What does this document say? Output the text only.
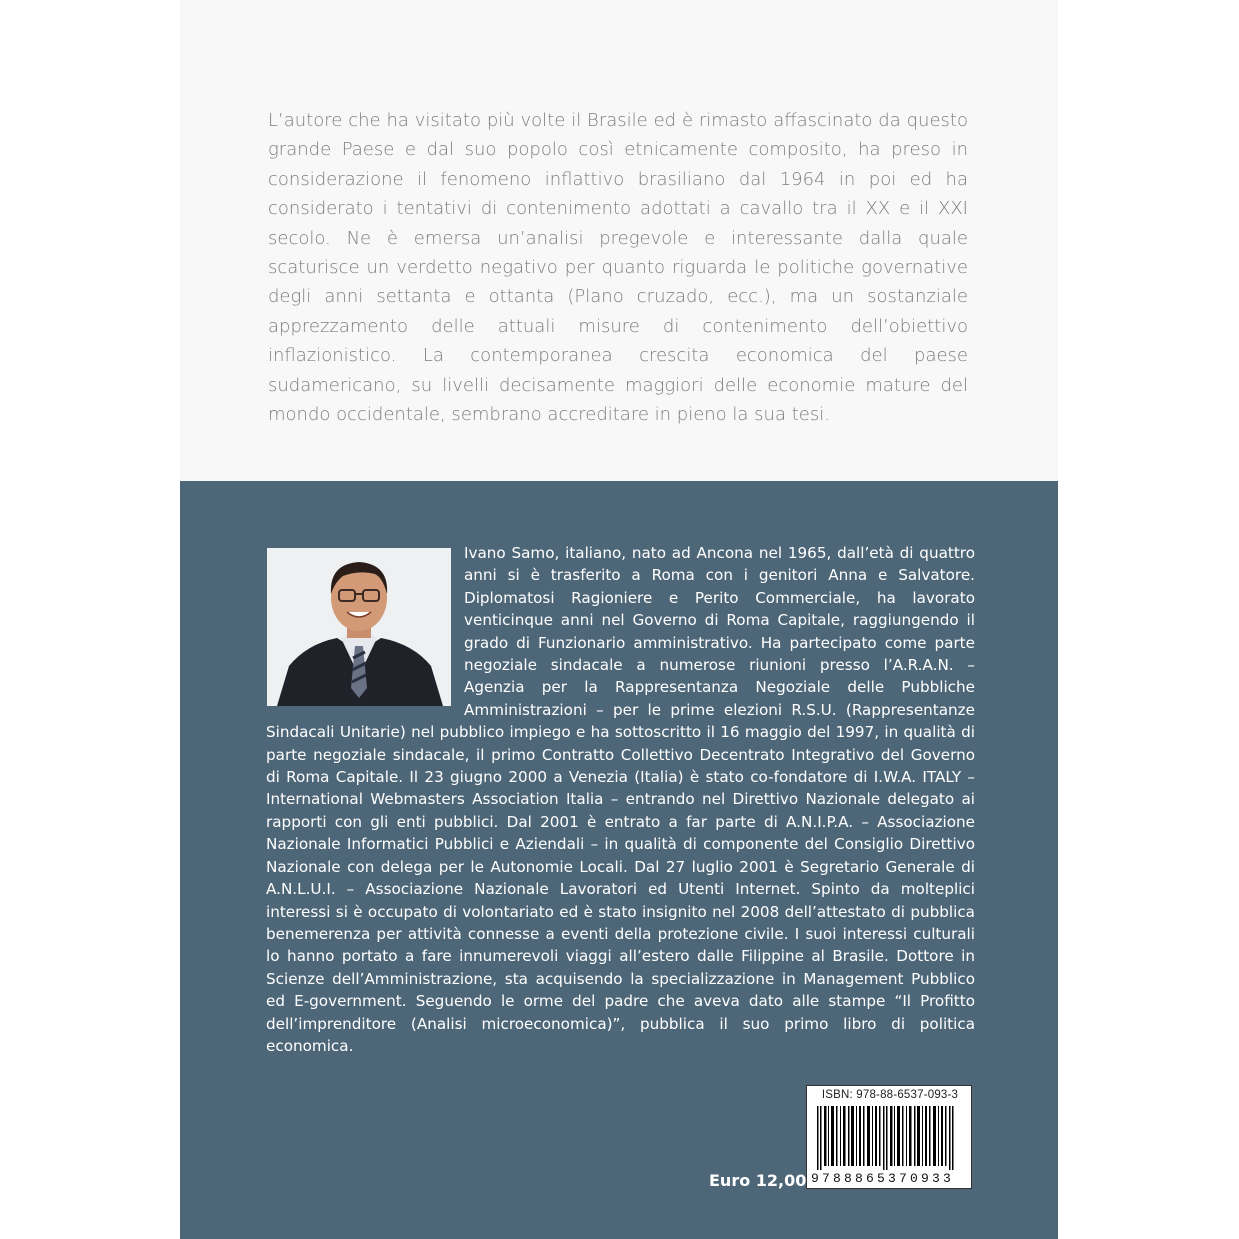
L’autore che ha visitato più volte il Brasile ed è rimasto affascinato da questo grande Paese e dal suo popolo così etnicamente composito, ha preso in considerazione il fenomeno inflattivo brasiliano dal 1964 in poi ed ha considerato i tentativi di contenimento adottati a cavallo tra il XX e il XXI secolo. Ne è emersa un’analisi pregevole e interessante dalla quale scaturisce un verdetto negativo per quanto riguarda le politiche governative degli anni settanta e ottanta (Plano cruzado, ecc.), ma un sostanziale apprezzamento delle attuali misure di contenimento dell’obiettivo inflazionistico. La contemporanea crescita economica del paese sudamericano, su livelli decisamente maggiori delle economie mature del mondo occidentale, sembrano accreditare in pieno la sua tesi.

Ivano Samo, italiano, nato ad Ancona nel 1965, dall’età di quattro anni si è trasferito a Roma con i genitori Anna e Salvatore. Diplomatosi Ragioniere e Perito Commerciale, ha lavorato venticinque anni nel Governo di Roma Capitale, raggiungendo il grado di Funzionario amministrativo. Ha partecipato come parte negoziale sindacale a numerose riunioni presso l’A.R.A.N. – Agenzia per la Rappresentanza Negoziale delle Pubbliche Amministrazioni – per le prime elezioni R.S.U. (Rappresentanze Sindacali Unitarie) nel pubblico impiego e ha sottoscritto il 16 maggio del 1997, in qualità di parte negoziale sindacale, il primo Contratto Collettivo Decentrato Integrativo del Governo di Roma Capitale. Il 23 giugno 2000 a Venezia (Italia) è stato co-fondatore di I.W.A. ITALY – International Webmasters Association Italia – entrando nel Direttivo Nazionale delegato ai rapporti con gli enti pubblici. Dal 2001 è entrato a far parte di A.N.I.P.A. – Associazione Nazionale Informatici Pubblici e Aziendali – in qualità di componente del Consiglio Direttivo Nazionale con delega per le Autonomie Locali. Dal 27 luglio 2001 è Segretario Generale di A.N.L.U.I. – Associazione Nazionale Lavoratori ed Utenti Internet. Spinto da molteplici interessi si è occupato di volontariato ed è stato insignito nel 2008 dell’attestato di pubblica benemerenza per attività connesse a eventi della protezione civile. I suoi interessi culturali lo hanno portato a fare innumerevoli viaggi all’estero dalle Filippine al Brasile. Dottore in Scienze dell’Amministrazione, sta acquisendo la specializzazione in Management Pubblico ed E-government. Seguendo le orme del padre che aveva dato alle stampe “Il Profitto dell’imprenditore (Analisi microeconomica)”, pubblica il suo primo libro di politica economica.

ISBN: 978-88-6537-093-3
9788865370933
Euro 12,00
